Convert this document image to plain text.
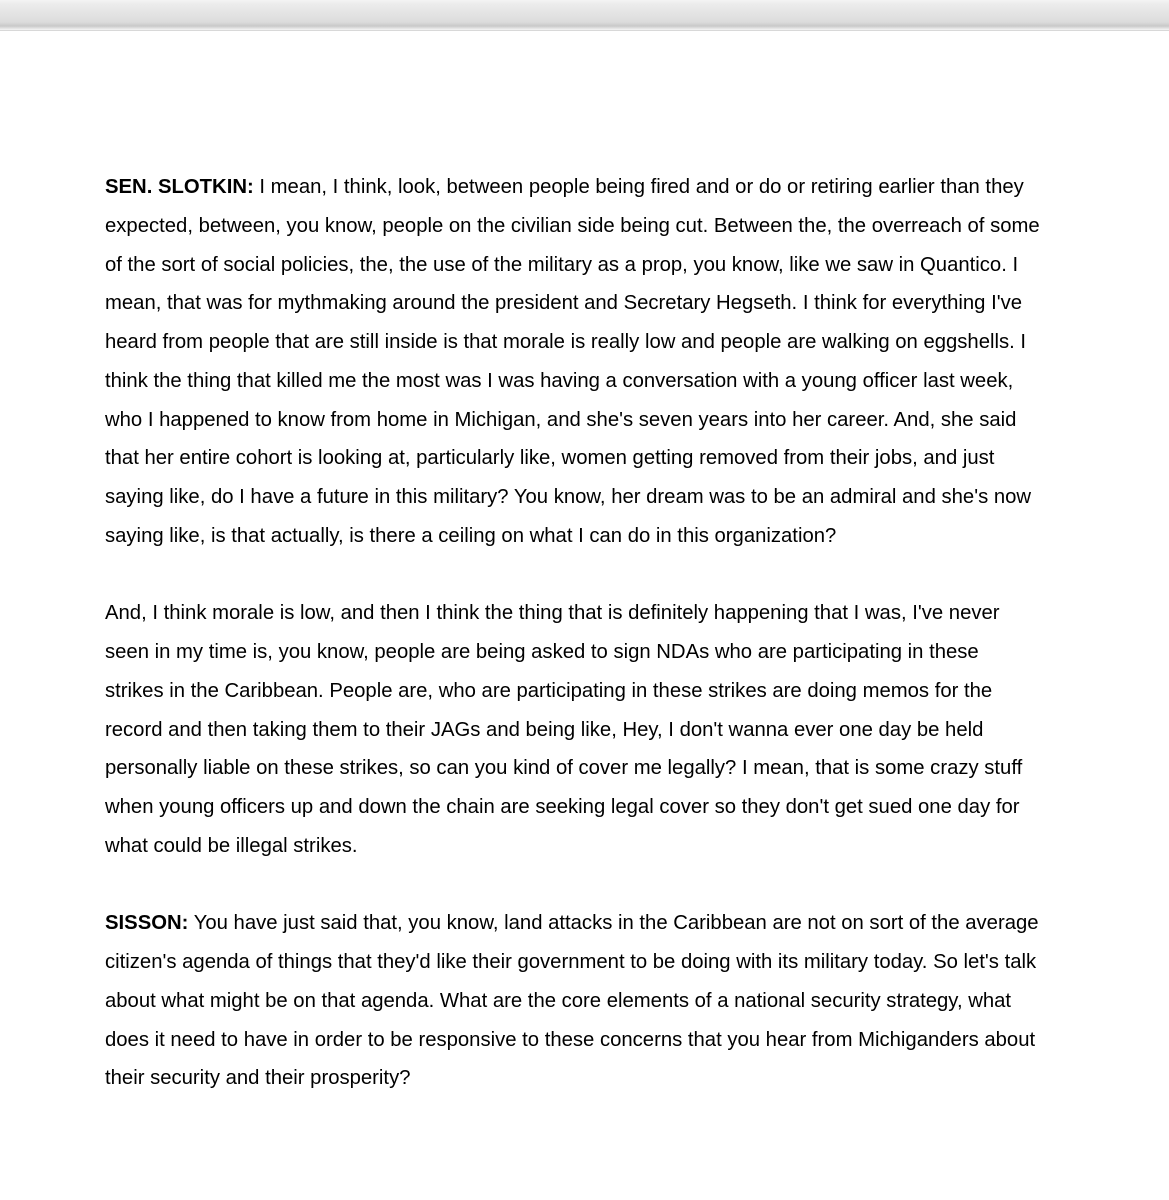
SEN. SLOTKIN: I mean, I think, look, between people being fired and or do or retiring earlier than they expected, between, you know, people on the civilian side being cut. Between the, the overreach of some of the sort of social policies, the, the use of the military as a prop, you know, like we saw in Quantico. I mean, that was for mythmaking around the president and Secretary Hegseth. I think for everything I've heard from people that are still inside is that morale is really low and people are walking on eggshells. I think the thing that killed me the most was I was having a conversation with a young officer last week, who I happened to know from home in Michigan, and she's seven years into her career. And, she said that her entire cohort is looking at, particularly like, women getting removed from their jobs, and just saying like, do I have a future in this military? You know, her dream was to be an admiral and she's now saying like, is that actually, is there a ceiling on what I can do in this organization?

And, I think morale is low, and then I think the thing that is definitely happening that I was, I've never seen in my time is, you know, people are being asked to sign NDAs who are participating in these strikes in the Caribbean. People are, who are participating in these strikes are doing memos for the record and then taking them to their JAGs and being like, Hey, I don't wanna ever one day be held personally liable on these strikes, so can you kind of cover me legally? I mean, that is some crazy stuff when young officers up and down the chain are seeking legal cover so they don't get sued one day for what could be illegal strikes.

SISSON: You have just said that, you know, land attacks in the Caribbean are not on sort of the average citizen's agenda of things that they'd like their government to be doing with its military today. So let's talk about what might be on that agenda. What are the core elements of a national security strategy, what does it need to have in order to be responsive to these concerns that you hear from Michiganders about their security and their prosperity?
